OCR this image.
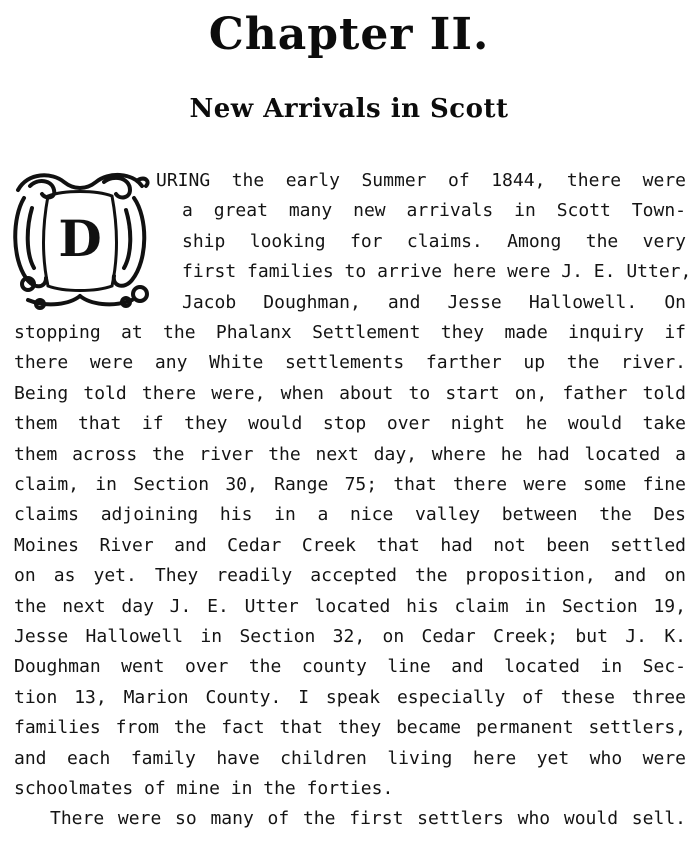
Chapter II.
New Arrivals in Scott
D
URING the early Summer of 1844, there were
a great many new arrivals in Scott Town-
ship looking for claims. Among the very
first families to arrive here were J. E. Utter,
Jacob Doughman, and Jesse Hallowell. On
stopping at the Phalanx Settlement they made inquiry if
there were any White settlements farther up the river.
Being told there were, when about to start on, father told
them that if they would stop over night he would take
them across the river the next day, where he had located a
claim, in Section 30, Range 75; that there were some fine
claims adjoining his in a nice valley between the Des
Moines River and Cedar Creek that had not been settled
on as yet. They readily accepted the proposition, and on
the next day J. E. Utter located his claim in Section 19,
Jesse Hallowell in Section 32, on Cedar Creek; but J. K.
Doughman went over the county line and located in Sec-
tion 13, Marion County. I speak especially of these three
families from the fact that they became permanent settlers,
and each family have children living here yet who were
schoolmates of mine in the forties.
There were so many of the first settlers who would sell.
